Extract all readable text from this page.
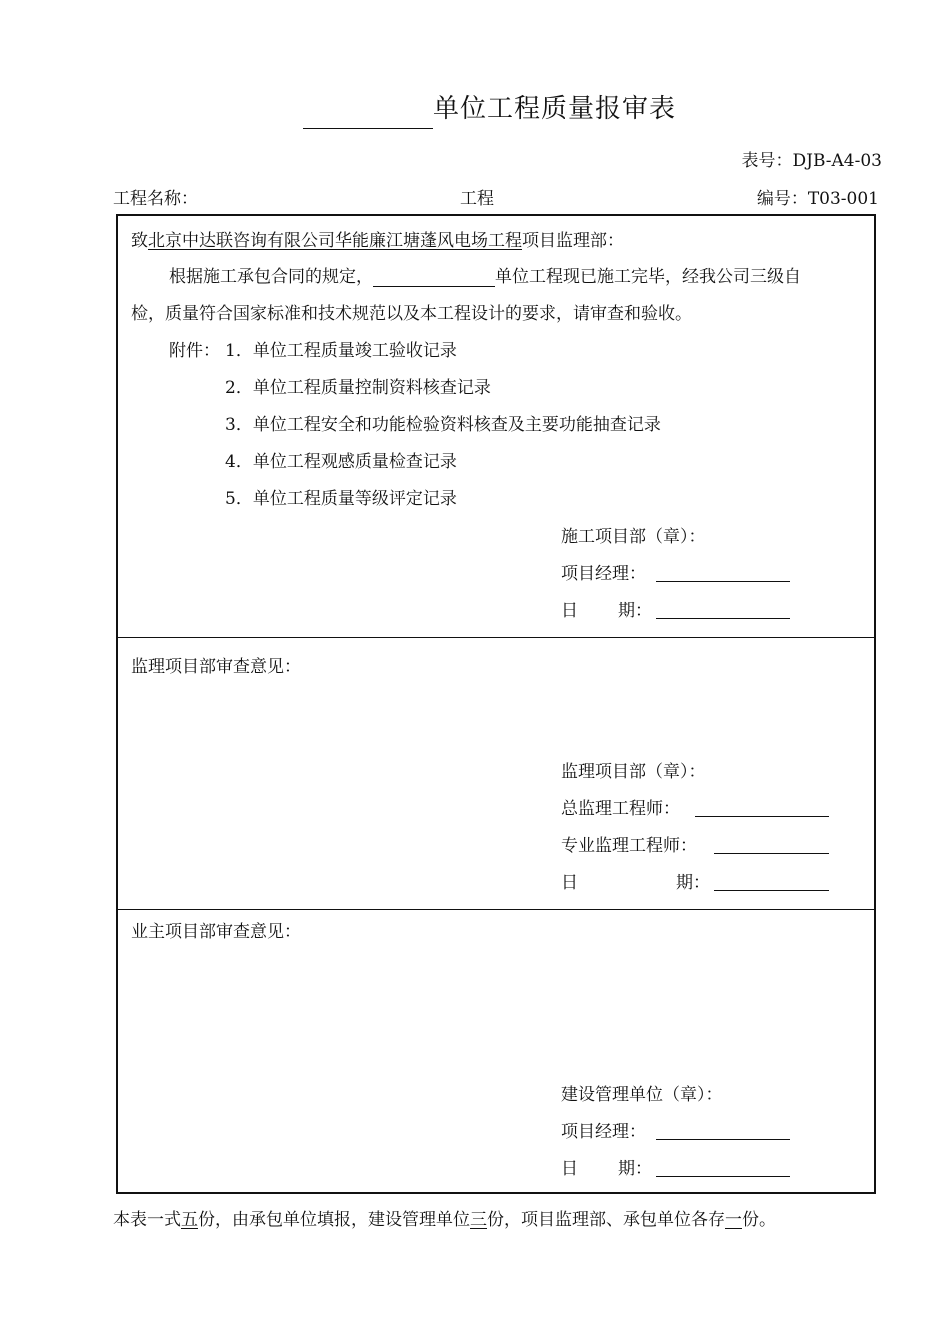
单位工程质量报审表
表号：DJB-A4-03
工程名称：	工程	编号：T03-001
致北京中达联咨询有限公司华能廉江塘蓬风电场工程项目监理部：
根据施工承包合同的规定，	单位工程现已施工完毕，经我公司三级自
检，质量符合国家标准和技术规范以及本工程设计的要求，请审查和验收。
附件： 1．单位工程质量竣工验收记录
2．单位工程质量控制资料核查记录
3．单位工程安全和功能检验资料核查及主要功能抽查记录
4．单位工程观感质量检查记录
5．单位工程质量等级评定记录
施工项目部（章）：
项目经理：
日 期：
监理项目部审查意见：
监理项目部（章）：
总监理工程师：
专业监理工程师：
日	期：
业主项目部审查意见：
建设管理单位（章）：
项目经理：
日 期：
本表一式五份，由承包单位填报，建设管理单位三份，项目监理部、承包单位各存一份。
